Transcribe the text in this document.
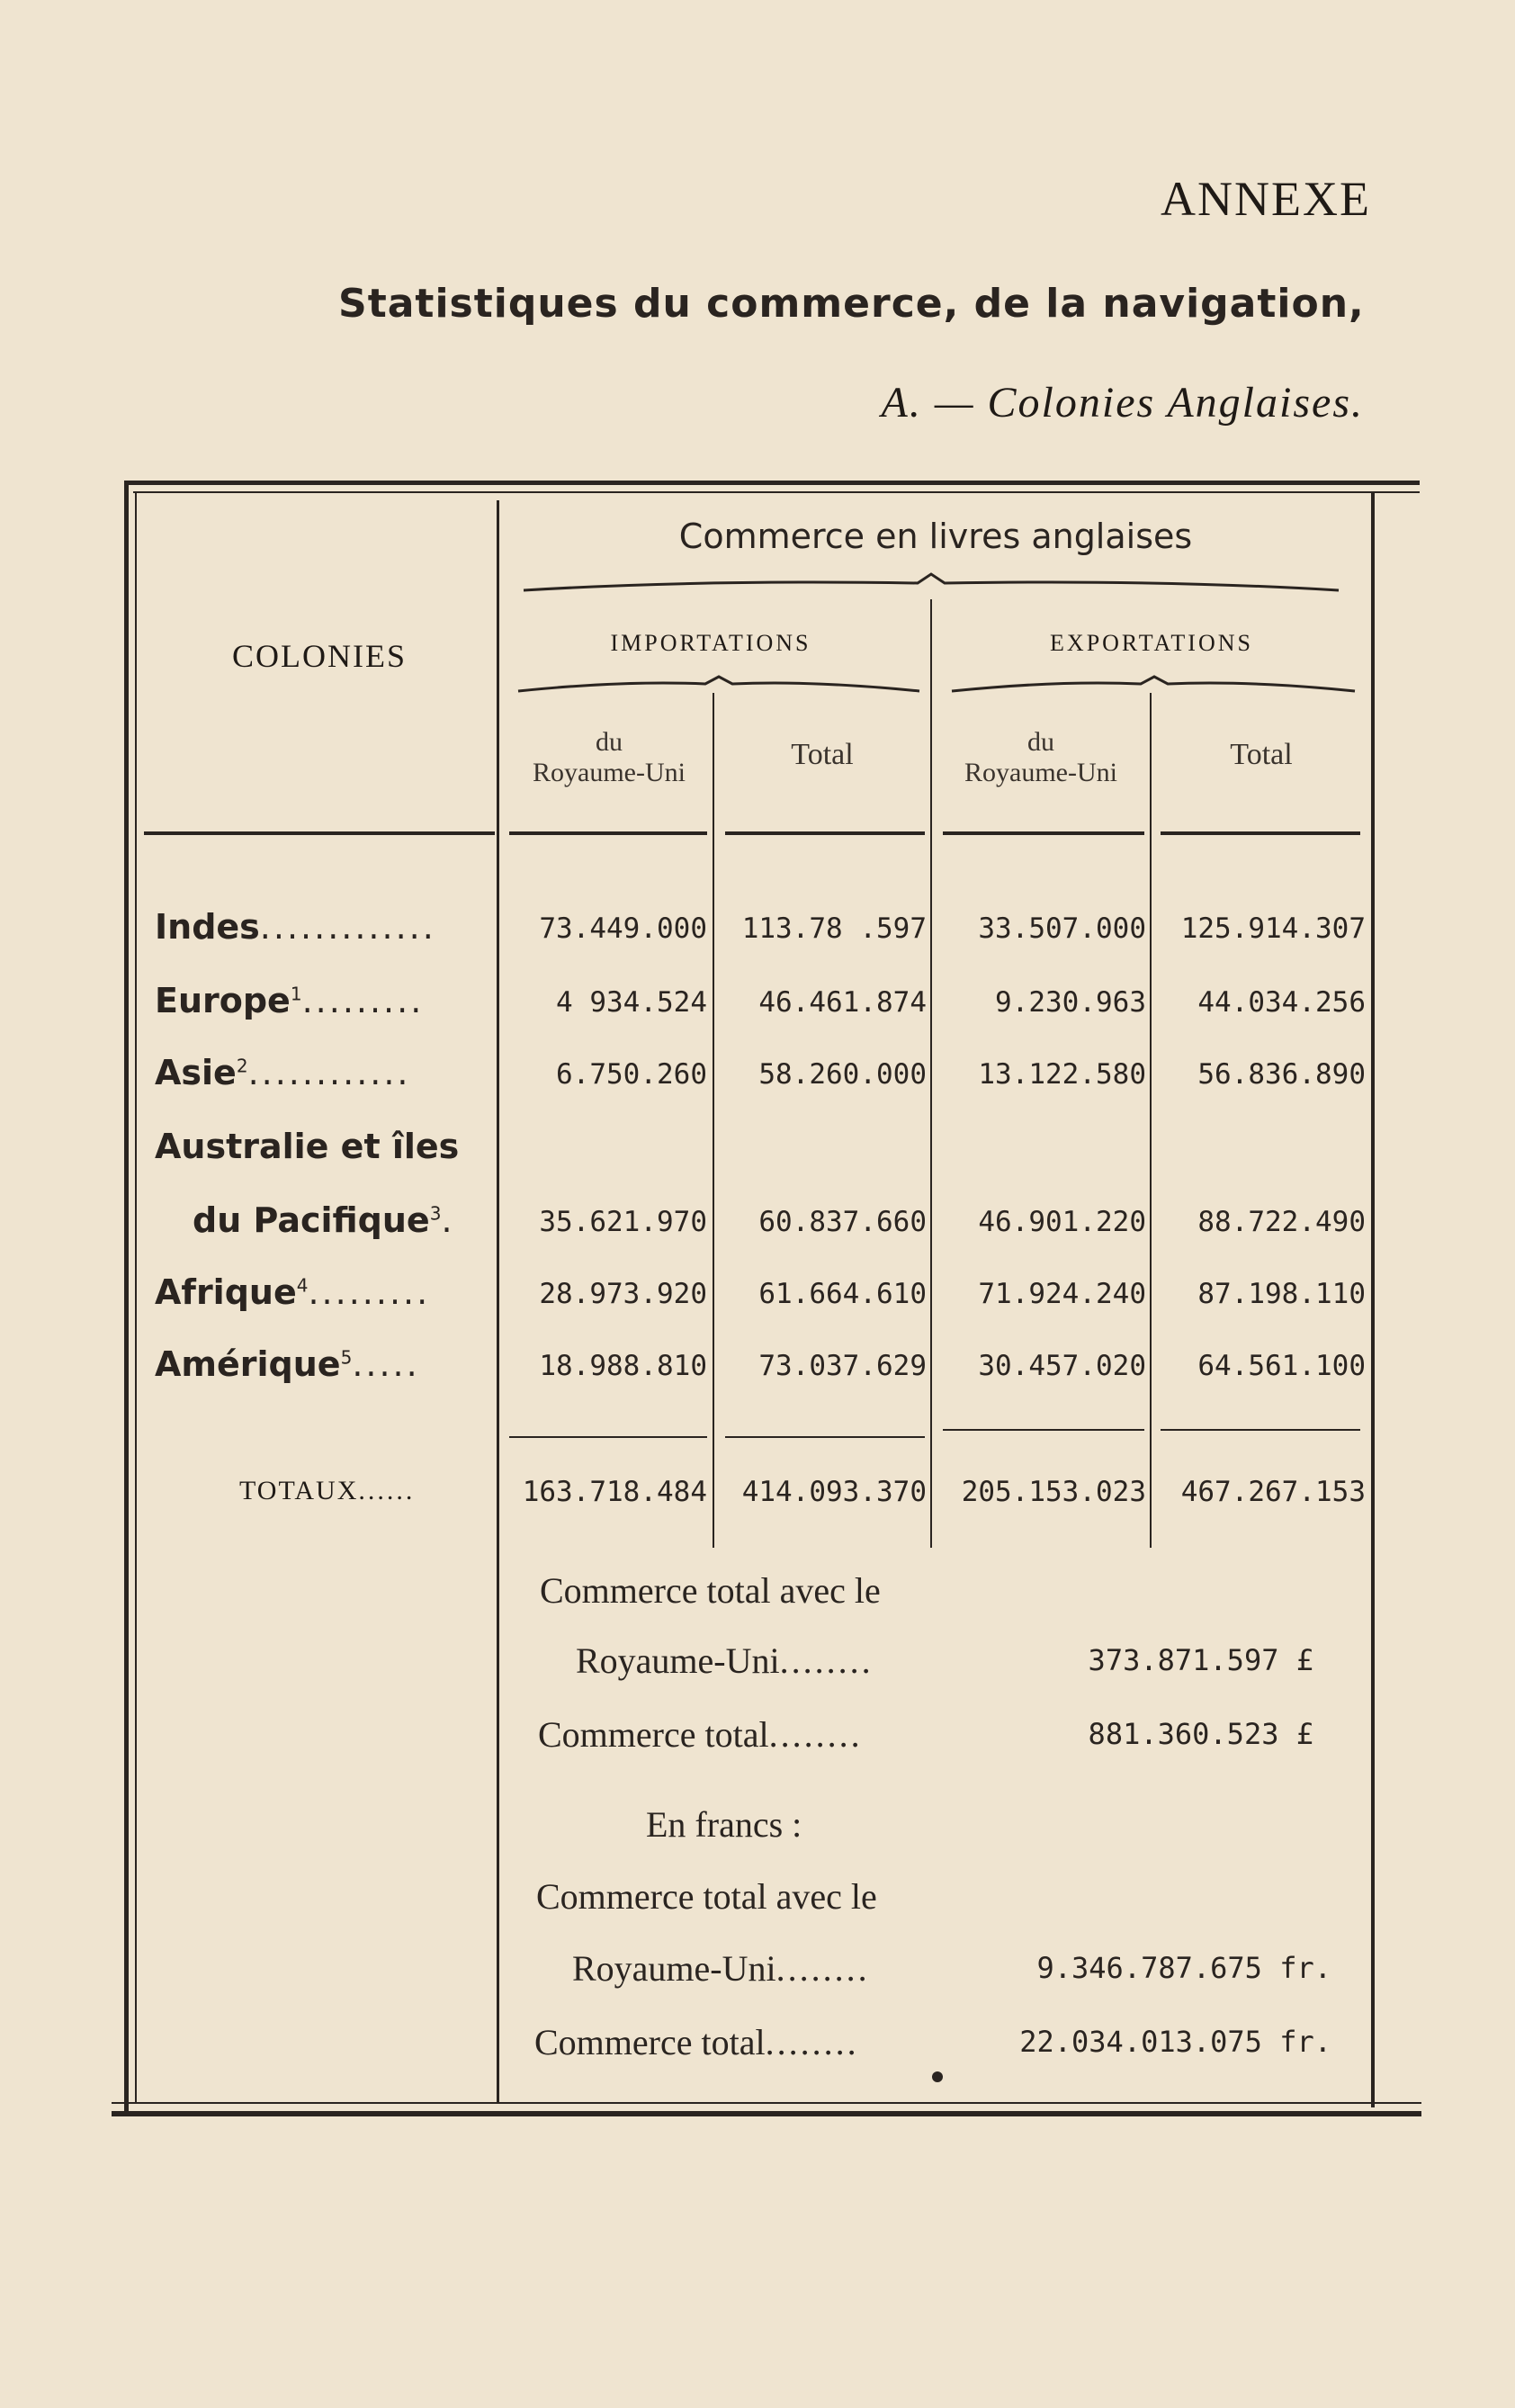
ANNEXE
Statistiques du commerce, de la navigation,
A. — Colonies Anglaises.
Commerce en livres anglaises
COLONIES	IMPORTATIONS	EXPORTATIONS
du
Royaume-Uni
Total	du
Royaume-Uni
Total
Indes.............	73.449.000	113.78 .597	33.507.000	125.914.307
Europe$^1$.........	4 934.524	46.461.874	9.230.963	44.034.256
Asie$^2$............	6.750.260	58.260.000	13.122.580	56.836.890
Australie et îles
du Pacifique$^3$.	35.621.970	60.837.660	46.901.220	88.722.490
Afrique$^4$.........	28.973.920	61.664.610	71.924.240	87.198.110
Amérique$^5$.....	18.988.810	73.037.629	30.457.020	64.561.100
TOTAUX......	163.718.484	414.093.370	205.153.023	467.267.153
Commerce total avec le
Royaume-Uni........	373.871.597 £
Commerce total........	881.360.523 £
En francs :
Commerce total avec le
Royaume-Uni........	9.346.787.675 fr.
Commerce total........	22.034.013.075 fr.
